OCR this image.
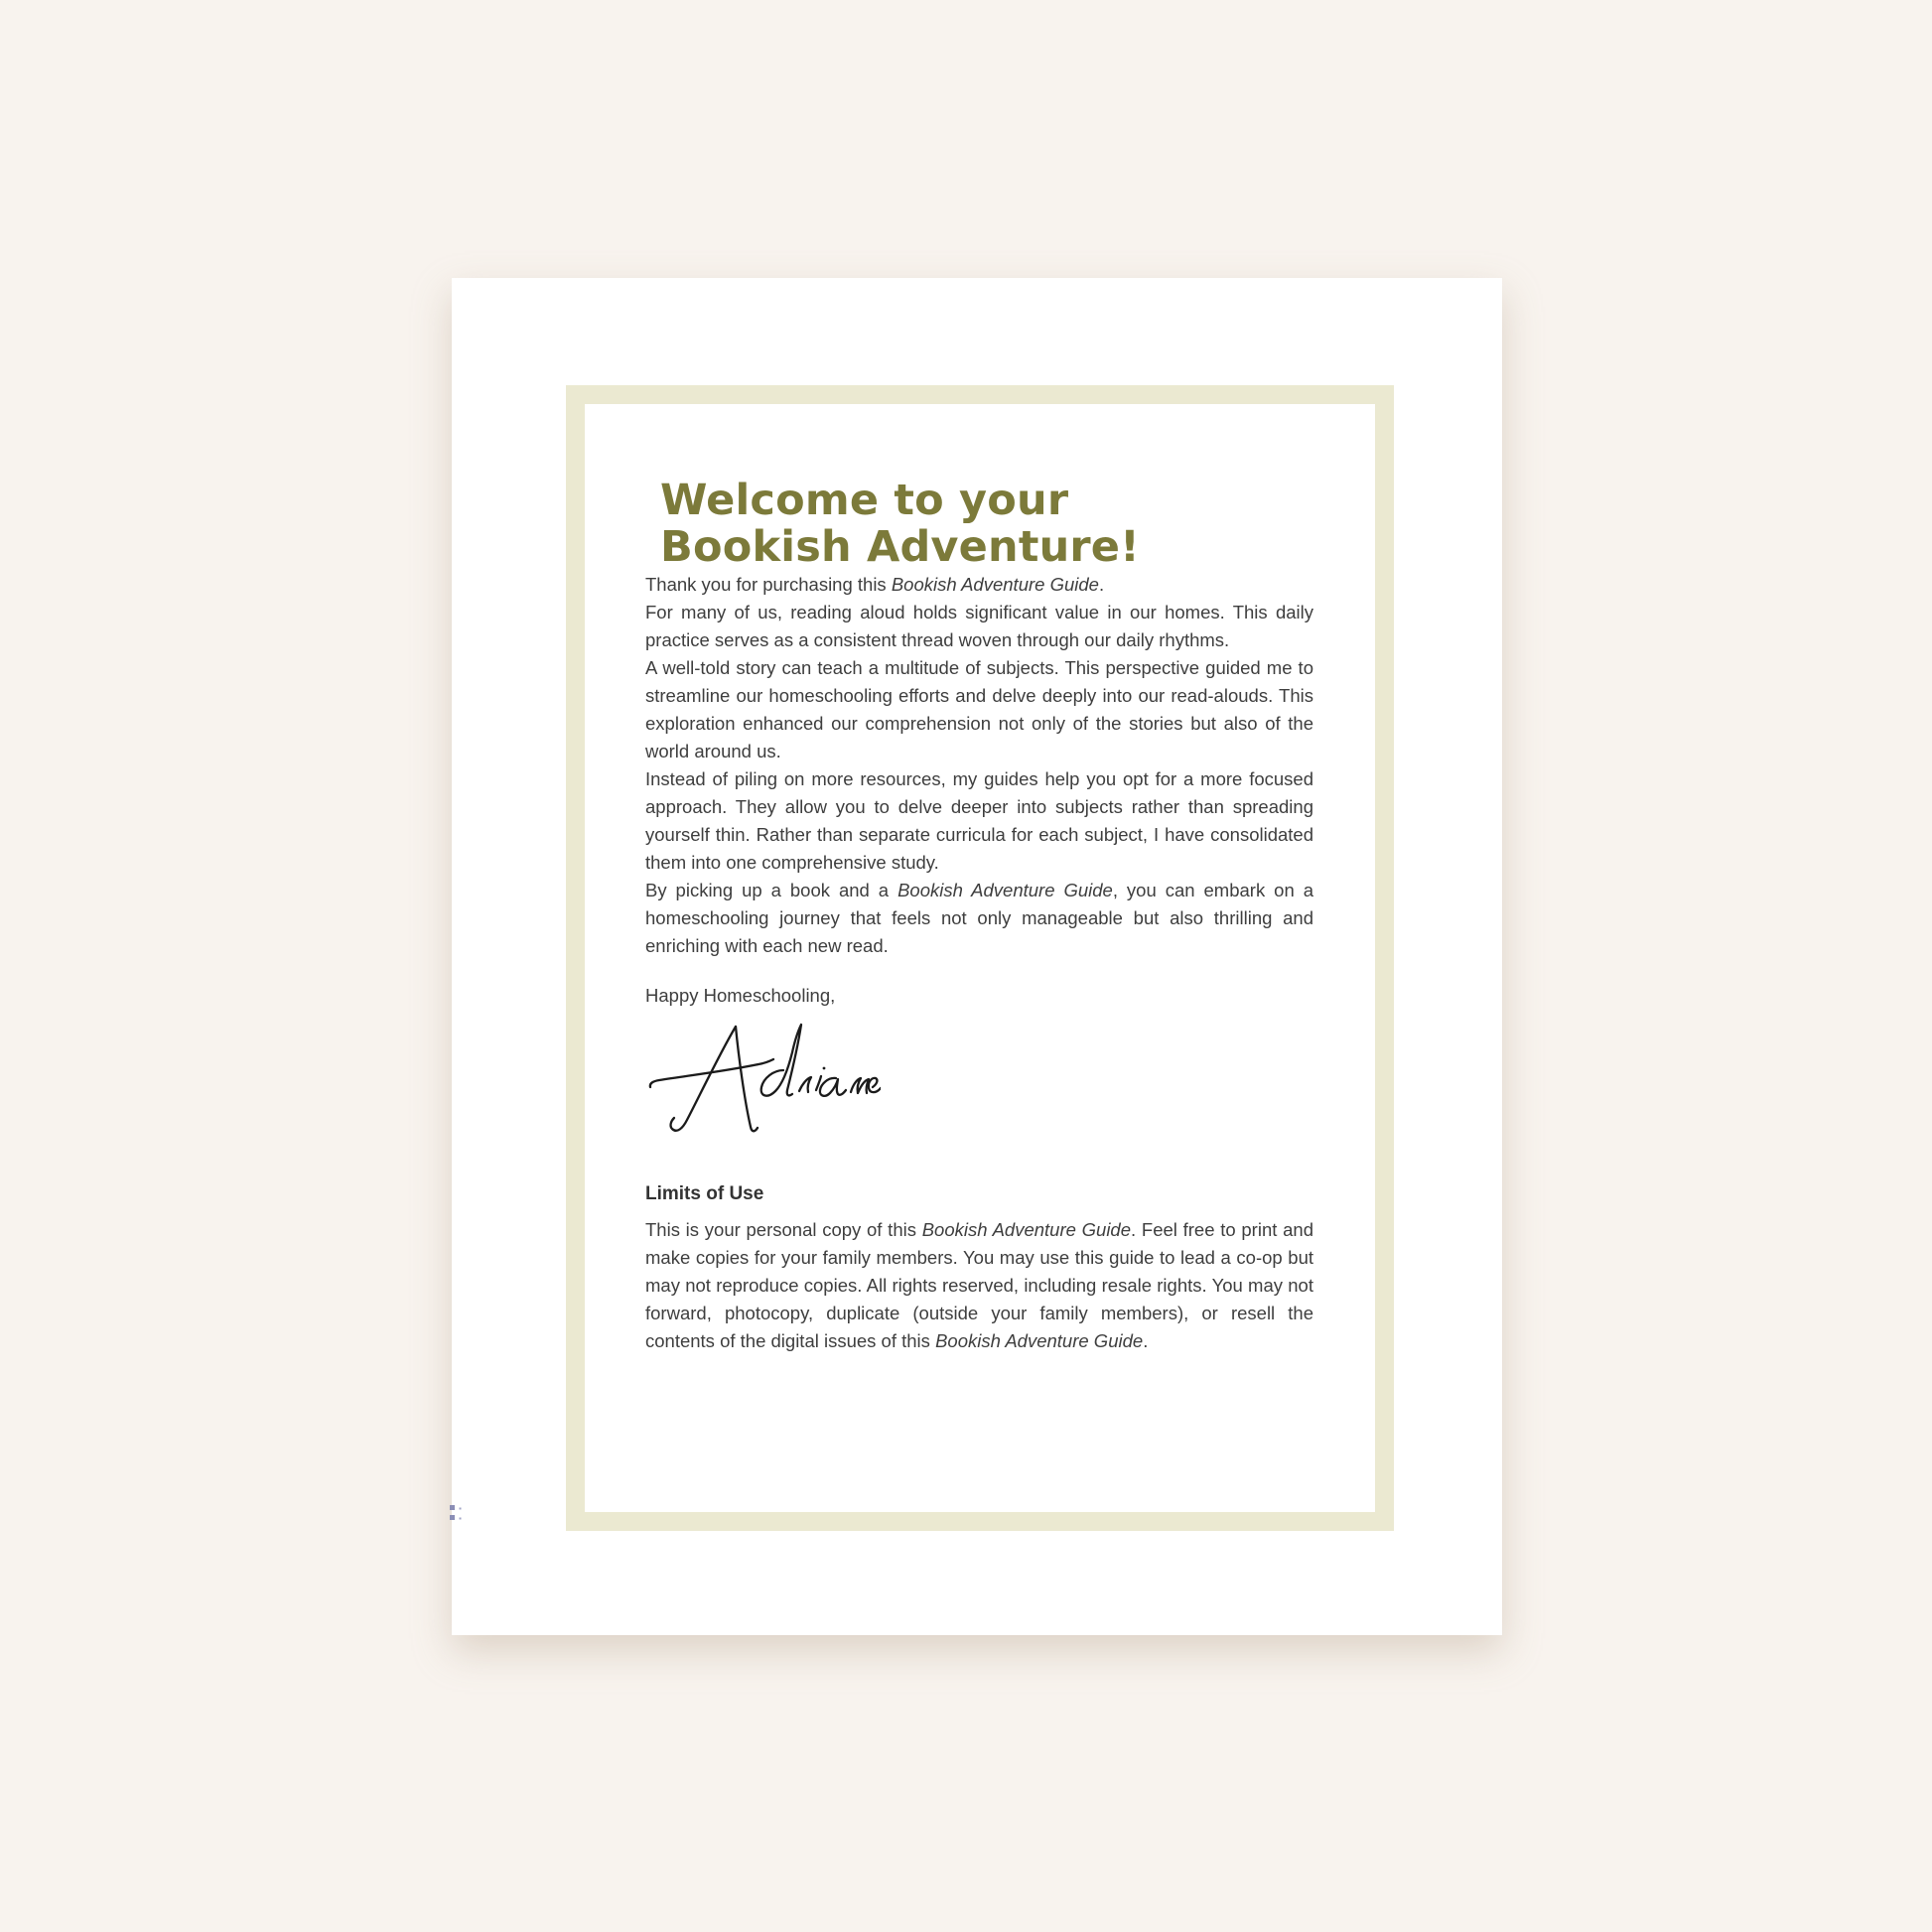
Welcome to your
Bookish Adventure!

Thank you for purchasing this Bookish Adventure Guide.

For many of us, reading aloud holds significant value in our homes. This daily practice serves as a consistent thread woven through our daily rhythms.

A well-told story can teach a multitude of subjects. This perspective guided me to streamline our homeschooling efforts and delve deeply into our read-alouds. This exploration enhanced our comprehension not only of the stories but also of the world around us.

Instead of piling on more resources, my guides help you opt for a more focused approach. They allow you to delve deeper into subjects rather than spreading yourself thin. Rather than separate curricula for each subject, I have consolidated them into one comprehensive study.

By picking up a book and a Bookish Adventure Guide, you can embark on a homeschooling journey that feels not only manageable but also thrilling and enriching with each new read.

Happy Homeschooling,

Limits of Use

This is your personal copy of this Bookish Adventure Guide. Feel free to print and make copies for your family members. You may use this guide to lead a co-op but may not reproduce copies. All rights reserved, including resale rights. You may not forward, photocopy, duplicate (outside your family members), or resell the contents of the digital issues of this Bookish Adventure Guide.
